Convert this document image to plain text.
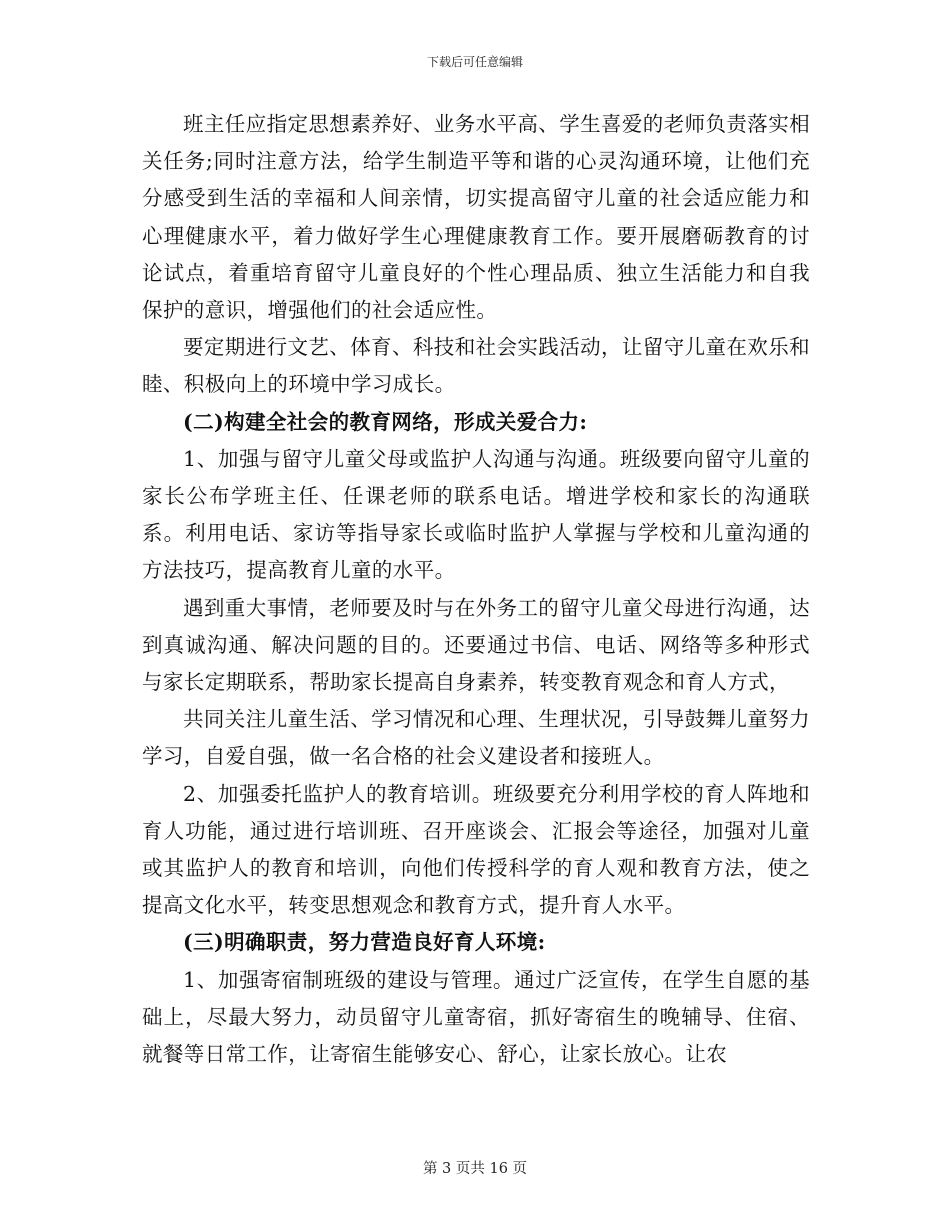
下载后可任意编辑

班主任应指定思想素养好、业务水平高、学生喜爱的老师负责落实相关任务;同时注意方法，给学生制造平等和谐的心灵沟通环境，让他们充分感受到生活的幸福和人间亲情，切实提高留守儿童的社会适应能力和心理健康水平，着力做好学生心理健康教育工作。要开展磨砺教育的讨论试点，着重培育留守儿童良好的个性心理品质、独立生活能力和自我保护的意识，增强他们的社会适应性。

要定期进行文艺、体育、科技和社会实践活动，让留守儿童在欢乐和睦、积极向上的环境中学习成长。

(二)构建全社会的教育网络，形成关爱合力:

1、加强与留守儿童父母或监护人沟通与沟通。班级要向留守儿童的家长公布学班主任、任课老师的联系电话。增进学校和家长的沟通联系。利用电话、家访等指导家长或临时监护人掌握与学校和儿童沟通的方法技巧，提高教育儿童的水平。

遇到重大事情，老师要及时与在外务工的留守儿童父母进行沟通，达到真诚沟通、解决问题的目的。还要通过书信、电话、网络等多种形式与家长定期联系，帮助家长提高自身素养，转变教育观念和育人方式，

共同关注儿童生活、学习情况和心理、生理状况，引导鼓舞儿童努力学习，自爱自强，做一名合格的社会义建设者和接班人。

2、加强委托监护人的教育培训。班级要充分利用学校的育人阵地和育人功能，通过进行培训班、召开座谈会、汇报会等途径，加强对儿童或其监护人的教育和培训，向他们传授科学的育人观和教育方法，使之提高文化水平，转变思想观念和教育方式，提升育人水平。

(三)明确职责，努力营造良好育人环境:

1、加强寄宿制班级的建设与管理。通过广泛宣传，在学生自愿的基础上，尽最大努力，动员留守儿童寄宿，抓好寄宿生的晚辅导、住宿、就餐等日常工作，让寄宿生能够安心、舒心，让家长放心。让农

第 3 页共 16 页
